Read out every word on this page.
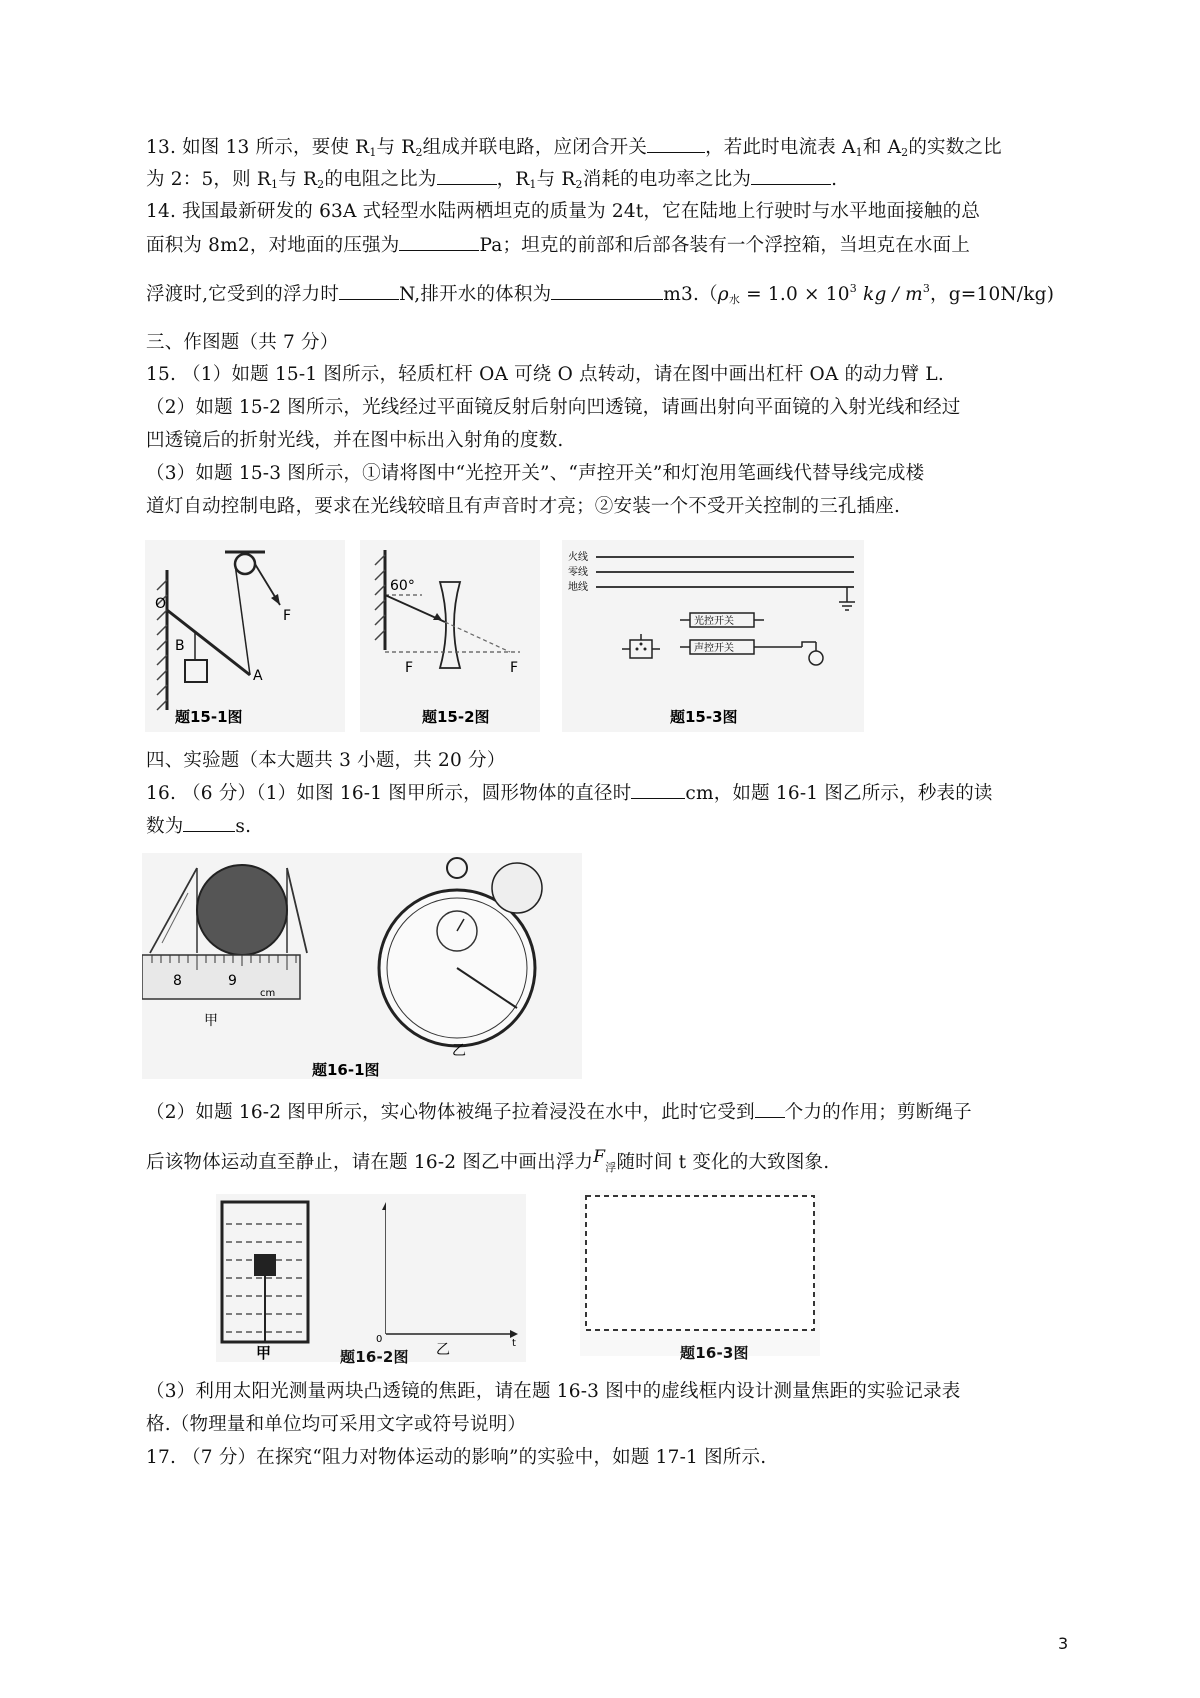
13. 如图 13 所示，要使 $R_1$与 $R_2$组成并联电路，应闭合开关	，若此时电流表 $A_1$和 $A_2$的实数之比
为 2：5，则 $R_1$与 $R_2$的电阻之比为	，$R_1$与 $R_2$消耗的电功率之比为	.
14. 我国最新研发的 63A 式轻型水陆两栖坦克的质量为 24t，它在陆地上行驶时与水平地面接触的总
面积为 8m2，对地面的压强为	Pa；坦克的前部和后部各装有一个浮控箱，当坦克在水面上
浮渡时,它受到的浮力时	N,排开水的体积为	$m3.(\rho_水 = 1.0 \times 10^3$ kg / $m^3$，g=10N/kg)
三、作图题（共 7 分）
15. （1）如题 15-1 图所示，轻质杠杆 OA 可绕 O 点转动，请在图中画出杠杆 OA 的动力臂 L.
（2）如题 15-2 图所示，光线经过平面镜反射后射向凹透镜，请画出射向平面镜的入射光线和经过
凹透镜后的折射光线，并在图中标出入射角的度数.
（3）如题 15-3 图所示，①请将图中“光控开关”、“声控开关”和灯泡用笔画线代替导线完成楼
道灯自动控制电路，要求在光线较暗且有声音时才亮；②安装一个不受开关控制的三孔插座.
O
B
A
F
题15-1图
60°
F	F
题15-2图
火线
零线
地线
光控开关
声控开关
题15-3图
四、实验题（本大题共 3 小题，共 20 分）
16. （6 分）（1）如图 16-1 图甲所示，圆形物体的直径时	cm，如题 16-1 图乙所示，秒表的读
数为	s.
8	9
cm
甲
乙
题16-1图
（2）如题 16-2 图甲所示，实心物体被绳子拉着浸没在水中，此时它受到 个力的作用；剪断绳子
后该物体运动直至静止，请在题 16-2 图乙中画出浮力$F_浮$随时间 t 变化的大致图象.
甲
0	t
乙
题16-2图	题16-3图
（3）利用太阳光测量两块凸透镜的焦距，请在题 16-3 图中的虚线框内设计测量焦距的实验记录表
格.（物理量和单位均可采用文字或符号说明）
17. （7 分）在探究“阻力对物体运动的影响”的实验中，如题 17-1 图所示.
3
